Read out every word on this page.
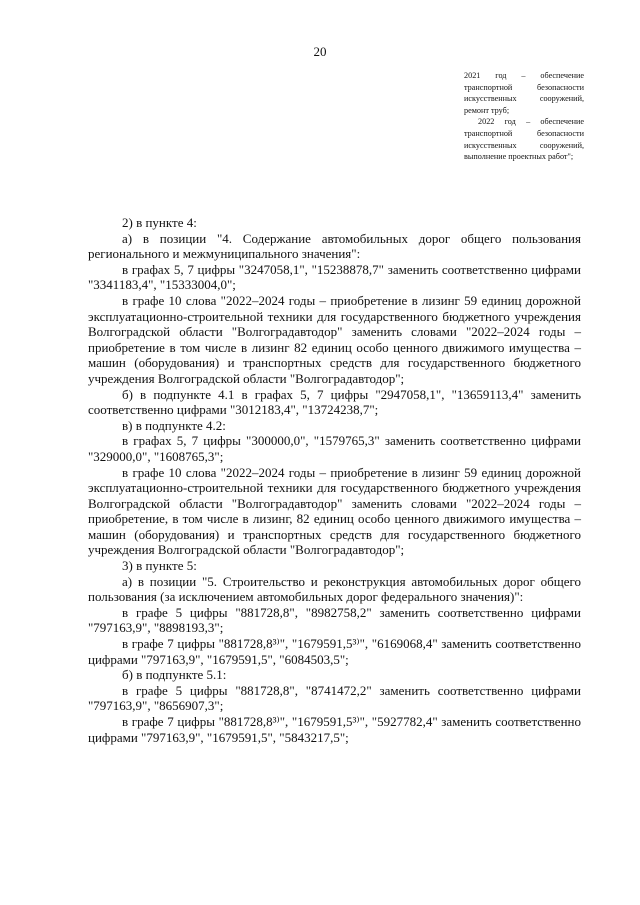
20

2021 год – обеспечение транспортной безопасности искусственных сооружений, ремонт труб;

2022 год – обеспечение транспортной безопасности искусственных сооружений, выполнение проектных работ";

2) в пункте 4:

а) в позиции "4. Содержание автомобильных дорог общего пользования регионального и межмуниципального значения":

в графах 5, 7 цифры "3247058,1", "15238878,7" заменить соответственно цифрами "3341183,4", "15333004,0";

в графе 10 слова "2022–2024 годы – приобретение в лизинг 59 единиц дорожной эксплуатационно-строительной техники для государственного бюджетного учреждения Волгоградской области "Волгоградавтодор" заменить словами "2022–2024 годы – приобретение в том числе в лизинг 82 единиц особо ценного движимого имущества – машин (оборудования) и транспортных средств для государственного бюджетного учреждения Волгоградской области "Волгоградавтодор";

б) в подпункте 4.1 в графах 5, 7 цифры "2947058,1", "13659113,4" заменить соответственно цифрами "3012183,4", "13724238,7";

в) в подпункте 4.2:

в графах 5, 7 цифры "300000,0", "1579765,3" заменить соответственно цифрами "329000,0", "1608765,3";

в графе 10 слова "2022–2024 годы – приобретение в лизинг 59 единиц дорожной эксплуатационно-строительной техники для государственного бюджетного учреждения Волгоградской области "Волгоградавтодор" заменить словами "2022–2024 годы – приобретение, в том числе в лизинг, 82 единиц особо ценного движимого имущества – машин (оборудования) и транспортных средств для государственного бюджетного учреждения Волгоградской области "Волгоградавтодор";

3) в пункте 5:

а) в позиции "5. Строительство и реконструкция автомобильных дорог общего пользования (за исключением автомобильных дорог федерального значения)":

в графе 5 цифры "881728,8", "8982758,2" заменить соответственно цифрами "797163,9", "8898193,3";

в графе 7 цифры "881728,8³⁾", "1679591,5³⁾", "6169068,4" заменить соответственно цифрами "797163,9", "1679591,5", "6084503,5";

б) в подпункте 5.1:

в графе 5 цифры "881728,8", "8741472,2" заменить соответственно цифрами "797163,9", "8656907,3";

в графе 7 цифры "881728,8³⁾", "1679591,5³⁾", "5927782,4" заменить соответственно цифрами "797163,9", "1679591,5", "5843217,5";
